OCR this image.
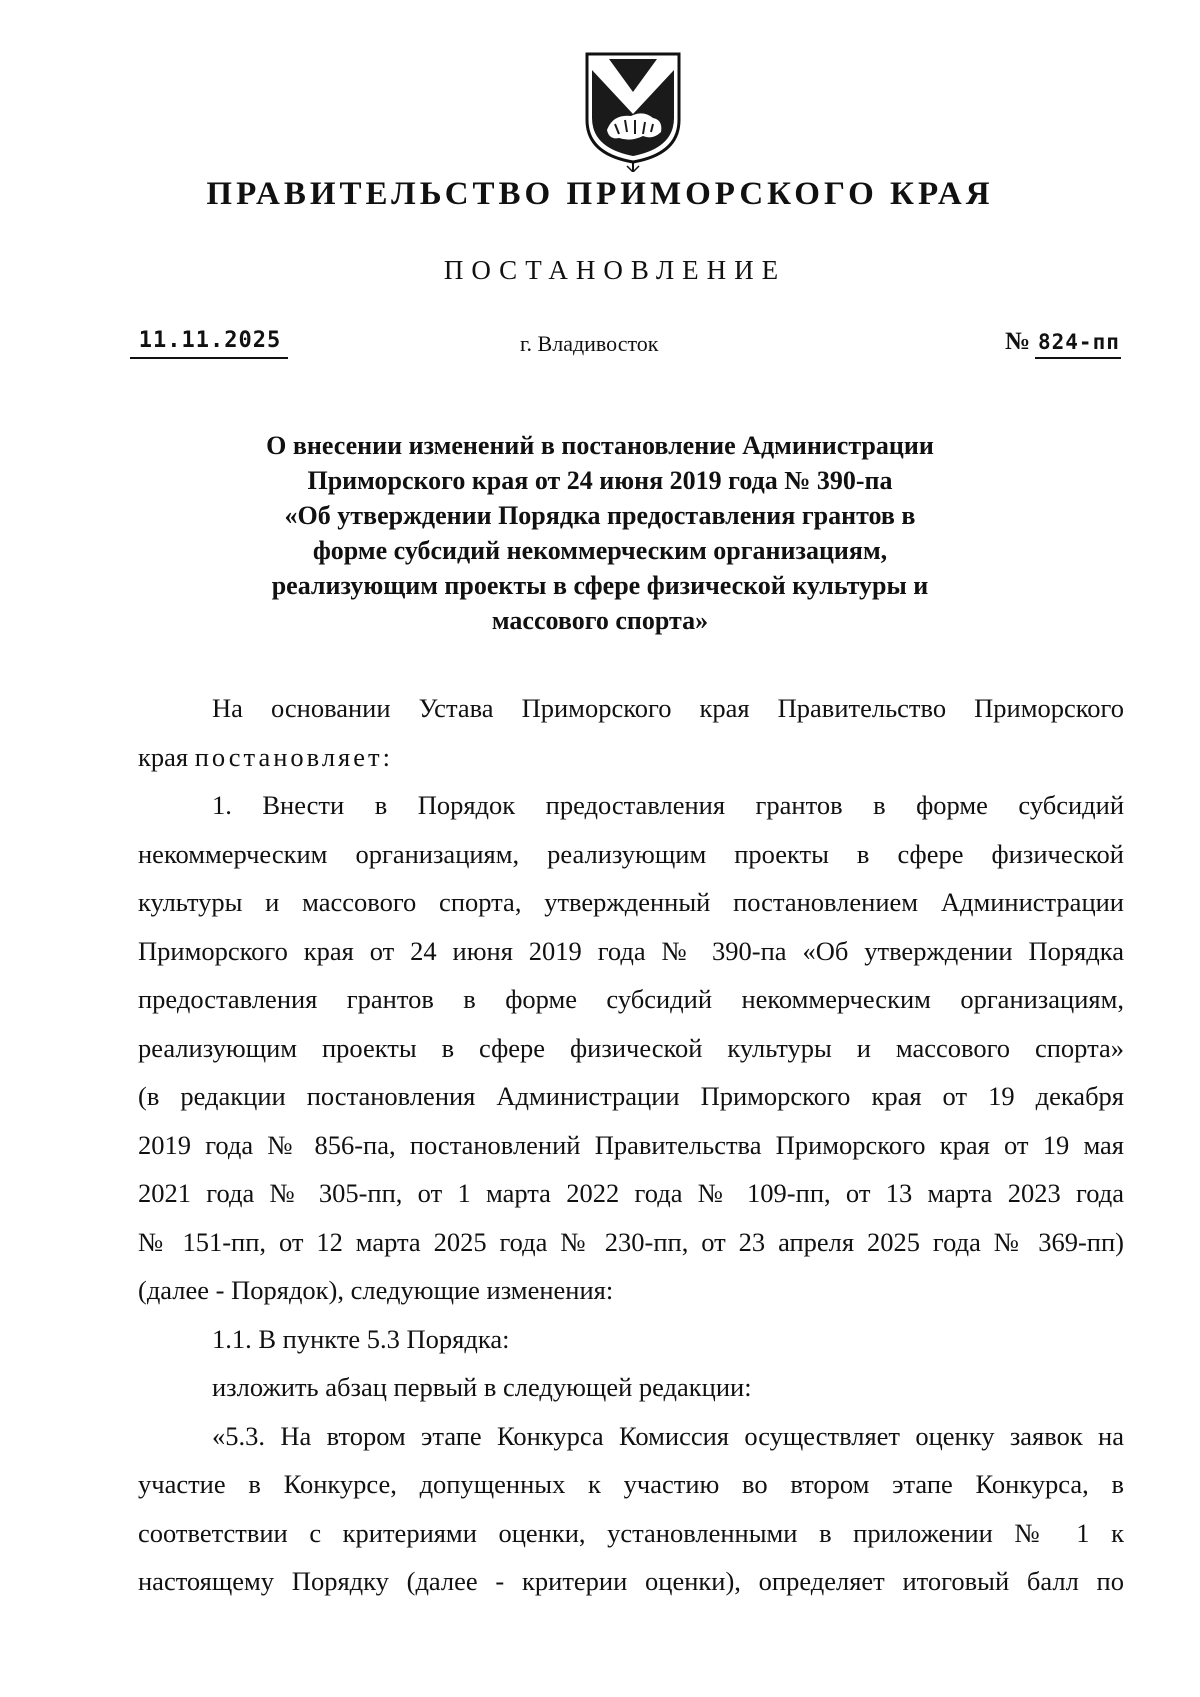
ПРАВИТЕЛЬСТВО ПРИМОРСКОГО КРАЯ
ПОСТАНОВЛЕНИЕ
11.11.2025	г. Владивосток	№ 824-пп
О внесении изменений в постановление Администрации
Приморского края от 24 июня 2019 года № 390-па
«Об утверждении Порядка предоставления грантов в
форме субсидий некоммерческим организациям,
реализующим проекты в сфере физической культуры и
массового спорта»
На основании Устава Приморского края Правительство Приморского
края постановляет:
1. Внести в Порядок предоставления грантов в форме субсидий
некоммерческим организациям, реализующим проекты в сфере физической
культуры и массового спорта, утвержденный постановлением Администрации
Приморского края от 24 июня 2019 года № 390-па «Об утверждении Порядка
предоставления грантов в форме субсидий некоммерческим организациям,
реализующим проекты в сфере физической культуры и массового спорта»
(в редакции постановления Администрации Приморского края от 19 декабря
2019 года № 856-па, постановлений Правительства Приморского края от 19 мая
2021 года № 305-пп, от 1 марта 2022 года № 109-пп, от 13 марта 2023 года
№ 151-пп, от 12 марта 2025 года № 230-пп, от 23 апреля 2025 года № 369-пп)
(далее - Порядок), следующие изменения:
1.1. В пункте 5.3 Порядка:
изложить абзац первый в следующей редакции:
«5.3. На втором этапе Конкурса Комиссия осуществляет оценку заявок на
участие в Конкурсе, допущенных к участию во втором этапе Конкурса, в
соответствии с критериями оценки, установленными в приложении № 1 к
настоящему Порядку (далее - критерии оценки), определяет итоговый балл по
